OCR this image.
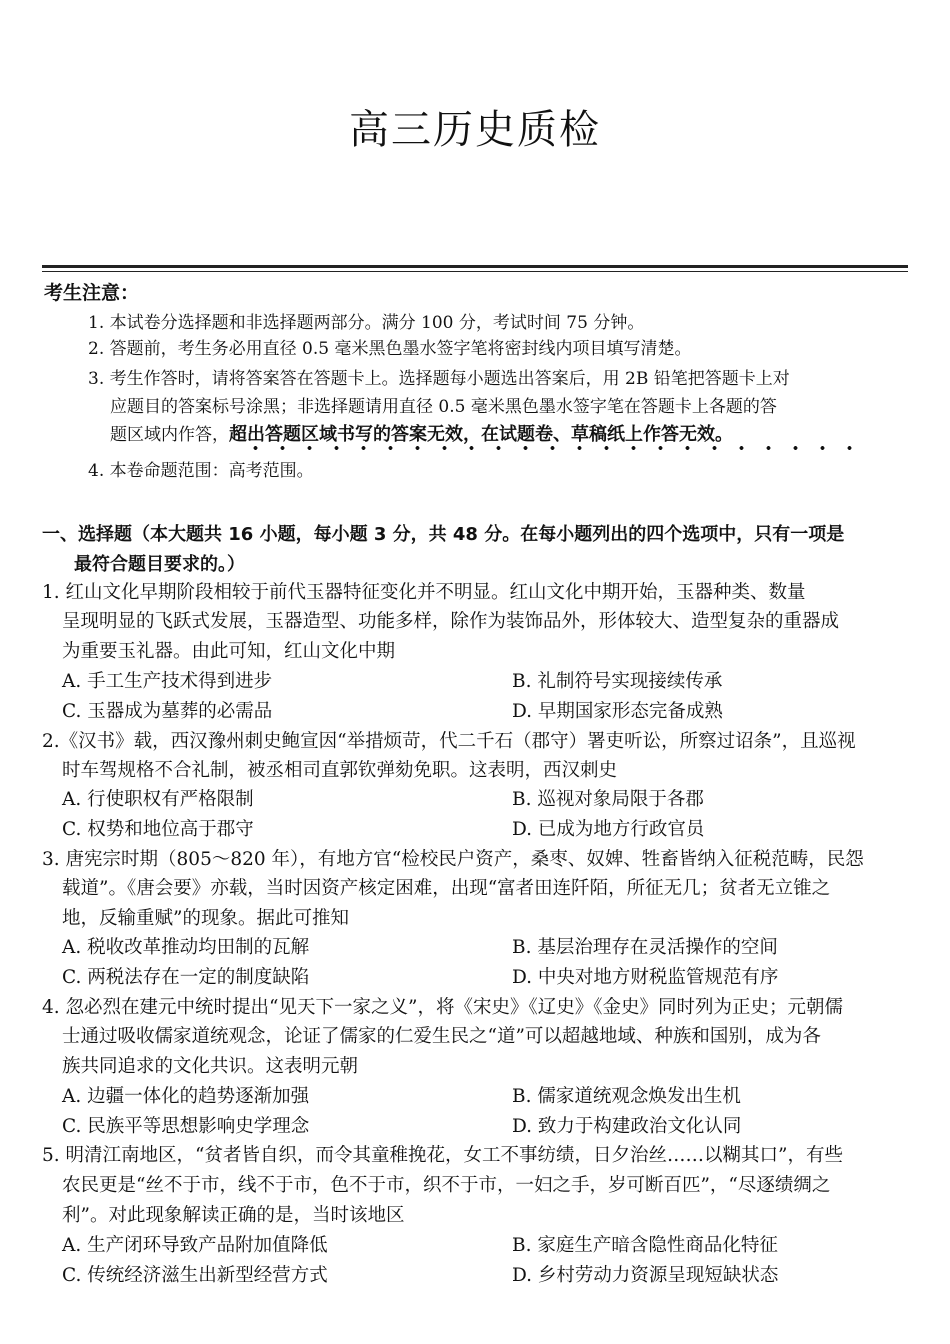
高三历史质检
考生注意：
1. 本试卷分选择题和非选择题两部分。满分 100 分，考试时间 75 分钟。
2. 答题前，考生务必用直径 0.5 毫米黑色墨水签字笔将密封线内项目填写清楚。
3. 考生作答时，请将答案答在答题卡上。选择题每小题选出答案后，用 2B 铅笔把答题卡上对
应题目的答案标号涂黑；非选择题请用直径 0.5 毫米黑色墨水签字笔在答题卡上各题的答
题区域内作答，超出答题区域书写的答案无效，在试题卷、草稿纸上作答无效。
4. 本卷命题范围：高考范围。
一、选择题（本大题共 16 小题，每小题 3 分，共 48 分。在每小题列出的四个选项中，只有一项是
最符合题目要求的。）
1. 红山文化早期阶段相较于前代玉器特征变化并不明显。红山文化中期开始，玉器种类、数量
呈现明显的飞跃式发展，玉器造型、功能多样，除作为装饰品外，形体较大、造型复杂的重器成
为重要玉礼器。由此可知，红山文化中期
A. 手工生产技术得到进步	B. 礼制符号实现接续传承
C. 玉器成为墓葬的必需品	D. 早期国家形态完备成熟
2.《汉书》载，西汉豫州刺史鲍宣因“举措烦苛，代二千石（郡守）署吏听讼，所察过诏条”，且巡视
时车驾规格不合礼制，被丞相司直郭钦弹劾免职。这表明，西汉刺史
A. 行使职权有严格限制	B. 巡视对象局限于各郡
C. 权势和地位高于郡守	D. 已成为地方行政官员
3. 唐宪宗时期（805～820 年），有地方官“检校民户资产，桑枣、奴婢、牲畜皆纳入征税范畴，民怨
载道”。《唐会要》亦载，当时因资产核定困难，出现“富者田连阡陌，所征无几；贫者无立锥之
地，反输重赋”的现象。据此可推知
A. 税收改革推动均田制的瓦解	B. 基层治理存在灵活操作的空间
C. 两税法存在一定的制度缺陷	D. 中央对地方财税监管规范有序
4. 忽必烈在建元中统时提出“见天下一家之义”，将《宋史》《辽史》《金史》同时列为正史；元朝儒
士通过吸收儒家道统观念，论证了儒家的仁爱生民之“道”可以超越地域、种族和国别，成为各
族共同追求的文化共识。这表明元朝
A. 边疆一体化的趋势逐渐加强	B. 儒家道统观念焕发出生机
C. 民族平等思想影响史学理念	D. 致力于构建政治文化认同
5. 明清江南地区，“贫者皆自织，而令其童稚挽花，女工不事纺绩，日夕治丝……以糊其口”，有些
农民更是“丝不于市，线不于市，色不于市，织不于市，一妇之手，岁可断百匹”，“尽逐绩绸之
利”。对此现象解读正确的是，当时该地区
A. 生产闭环导致产品附加值降低	B. 家庭生产暗含隐性商品化特征
C. 传统经济滋生出新型经营方式	D. 乡村劳动力资源呈现短缺状态
